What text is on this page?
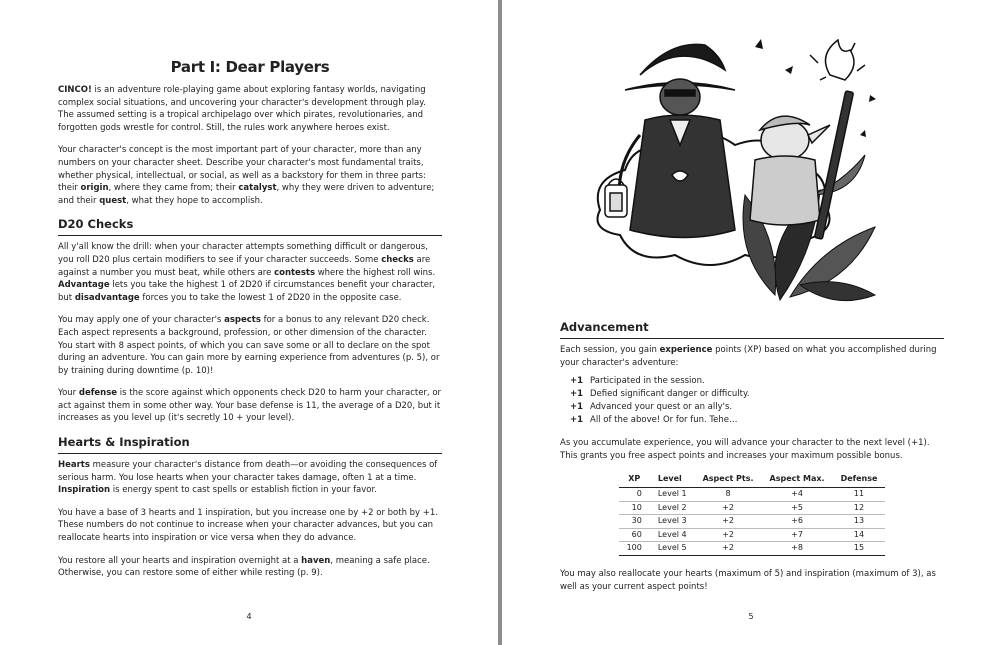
Part I: Dear Players

CINCO! is an adventure role-playing game about exploring fantasy worlds, navigating complex social situations, and uncovering your character's development through play. The assumed setting is a tropical archipelago over which pirates, revolutionaries, and forgotten gods wrestle for control. Still, the rules work anywhere heroes exist.

Your character's concept is the most important part of your character, more than any numbers on your character sheet. Describe your character's most fundamental traits, whether physical, intellectual, or social, as well as a backstory for them in three parts: their origin, where they came from; their catalyst, why they were driven to adventure; and their quest, what they hope to accomplish.

D20 Checks

All y'all know the drill: when your character attempts something difficult or dangerous, you roll D20 plus certain modifiers to see if your character succeeds. Some checks are against a number you must beat, while others are contests where the highest roll wins. Advantage lets you take the highest 1 of 2D20 if circumstances benefit your character, but disadvantage forces you to take the lowest 1 of 2D20 in the opposite case.

You may apply one of your character's aspects for a bonus to any relevant D20 check. Each aspect represents a background, profession, or other dimension of the character. You start with 8 aspect points, of which you can save some or all to declare on the spot during an adventure. You can gain more by earning experience from adventures (p. 5), or by training during downtime (p. 10)!

Your defense is the score against which opponents check D20 to harm your character, or act against them in some other way. Your base defense is 11, the average of a D20, but it increases as you level up (it's secretly 10 + your level).

Hearts & Inspiration

Hearts measure your character's distance from death—or avoiding the consequences of serious harm. You lose hearts when your character takes damage, often 1 at a time. Inspiration is energy spent to cast spells or establish fiction in your favor.

You have a base of 3 hearts and 1 inspiration, but you increase one by +2 or both by +1. These numbers do not continue to increase when your character advances, but you can reallocate hearts into inspiration or vice versa when they do advance.

You restore all your hearts and inspiration overnight at a haven, meaning a safe place. Otherwise, you can restore some of either while resting (p. 9).

4
Advancement

Each session, you gain experience points (XP) based on what you accomplished during your character's adventure:

+1 Participated in the session.
+1 Defied significant danger or difficulty.
+1 Advanced your quest or an ally's.
+1 All of the above! Or for fun. Tehe…

As you accumulate experience, you will advance your character to the next level (+1). This grants you free aspect points and increases your maximum possible bonus.

XP	Level	Aspect Pts.	Aspect Max.	Defense
0	Level 1	8	+4	11
10	Level 2	+2	+5	12
30	Level 3	+2	+6	13
60	Level 4	+2	+7	14
100	Level 5	+2	+8	15

You may also reallocate your hearts (maximum of 5) and inspiration (maximum of 3), as well as your current aspect points!

5
